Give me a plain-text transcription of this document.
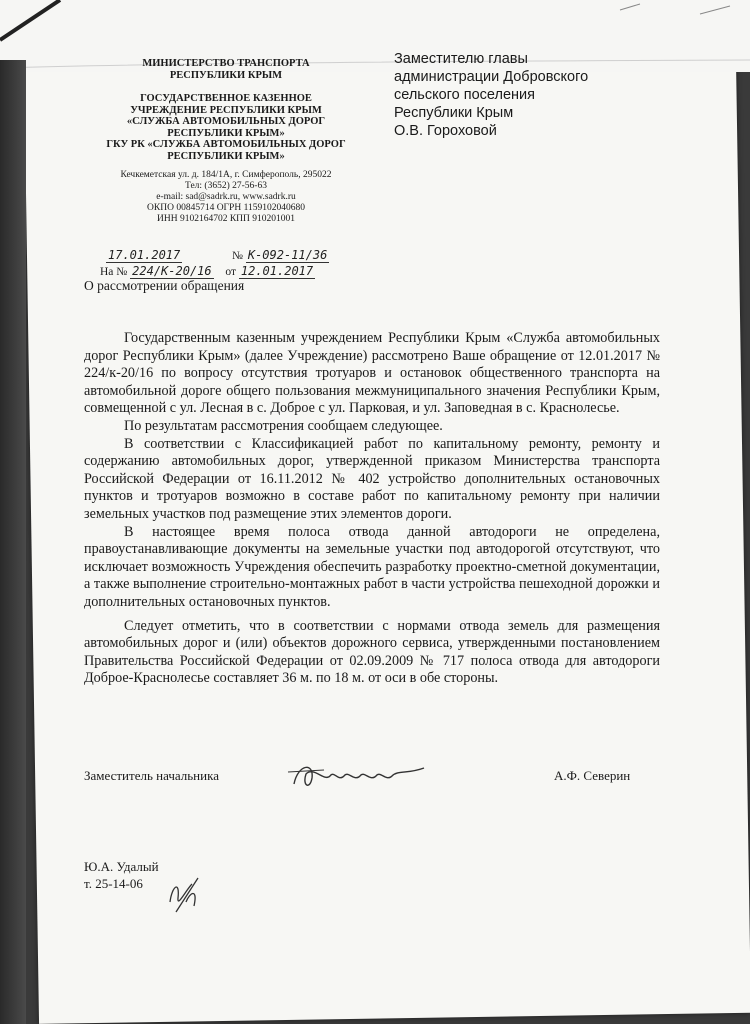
МИНИСТЕРСТВО ТРАНСПОРТА
РЕСПУБЛИКИ КРЫМ
ГОСУДАРСТВЕННОЕ КАЗЕННОЕ
УЧРЕЖДЕНИЕ РЕСПУБЛИКИ КРЫМ
«СЛУЖБА АВТОМОБИЛЬНЫХ ДОРОГ
РЕСПУБЛИКИ КРЫМ»
ГКУ РК «СЛУЖБА АВТОМОБИЛЬНЫХ ДОРОГ
РЕСПУБЛИКИ КРЫМ»
Кечкеметская ул. д. 184/1А, г. Симферополь, 295022
Тел: (3652) 27-56-63
e-mail: sad@sadrk.ru, www.sadrk.ru
ОКПО 00845714 ОГРН 1159102040680
ИНН 9102164702 КПП 910201001
Заместителю главы
администрации Добровского
сельского поселения
Республики Крым
О.В. Гороховой
17.01.2017	№ К-092-11/36
На № 224/К-20/16 от 12.01.2017
О рассмотрении обращения

Государственным казенным учреждением Республики Крым «Служба автомобильных дорог Республики Крым» (далее Учреждение) рассмотрено Ваше обращение от 12.01.2017 № 224/к-20/16 по вопросу отсутствия тротуаров и остановок общественного транспорта на автомобильной дороге общего пользования межмуниципального значения Республики Крым, совмещенной с ул. Лесная в с. Доброе с ул. Парковая, и ул. Заповедная в с. Краснолесье.

По результатам рассмотрения сообщаем следующее.

В соответствии с Классификацией работ по капитальному ремонту, ремонту и содержанию автомобильных дорог, утвержденной приказом Министерства транспорта Российской Федерации от 16.11.2012 № 402 устройство дополнительных остановочных пунктов и тротуаров возможно в составе работ по капитальному ремонту при наличии земельных участков под размещение этих элементов дороги.

В настоящее время полоса отвода данной автодороги не определена, правоустанавливающие документы на земельные участки под автодорогой отсутствуют, что исключает возможность Учреждения обеспечить разработку проектно-сметной документации, а также выполнение строительно-монтажных работ в части устройства пешеходной дорожки и дополнительных остановочных пунктов.

Следует отметить, что в соответствии с нормами отвода земель для размещения автомобильных дорог и (или) объектов дорожного сервиса, утвержденными постановлением Правительства Российской Федерации от 02.09.2009 № 717 полоса отвода для автодороги Доброе-Краснолесье составляет 36 м. по 18 м. от оси в обе стороны.

Заместитель начальника	А.Ф. Северин
Ю.А. Удалый
т. 25-14-06
